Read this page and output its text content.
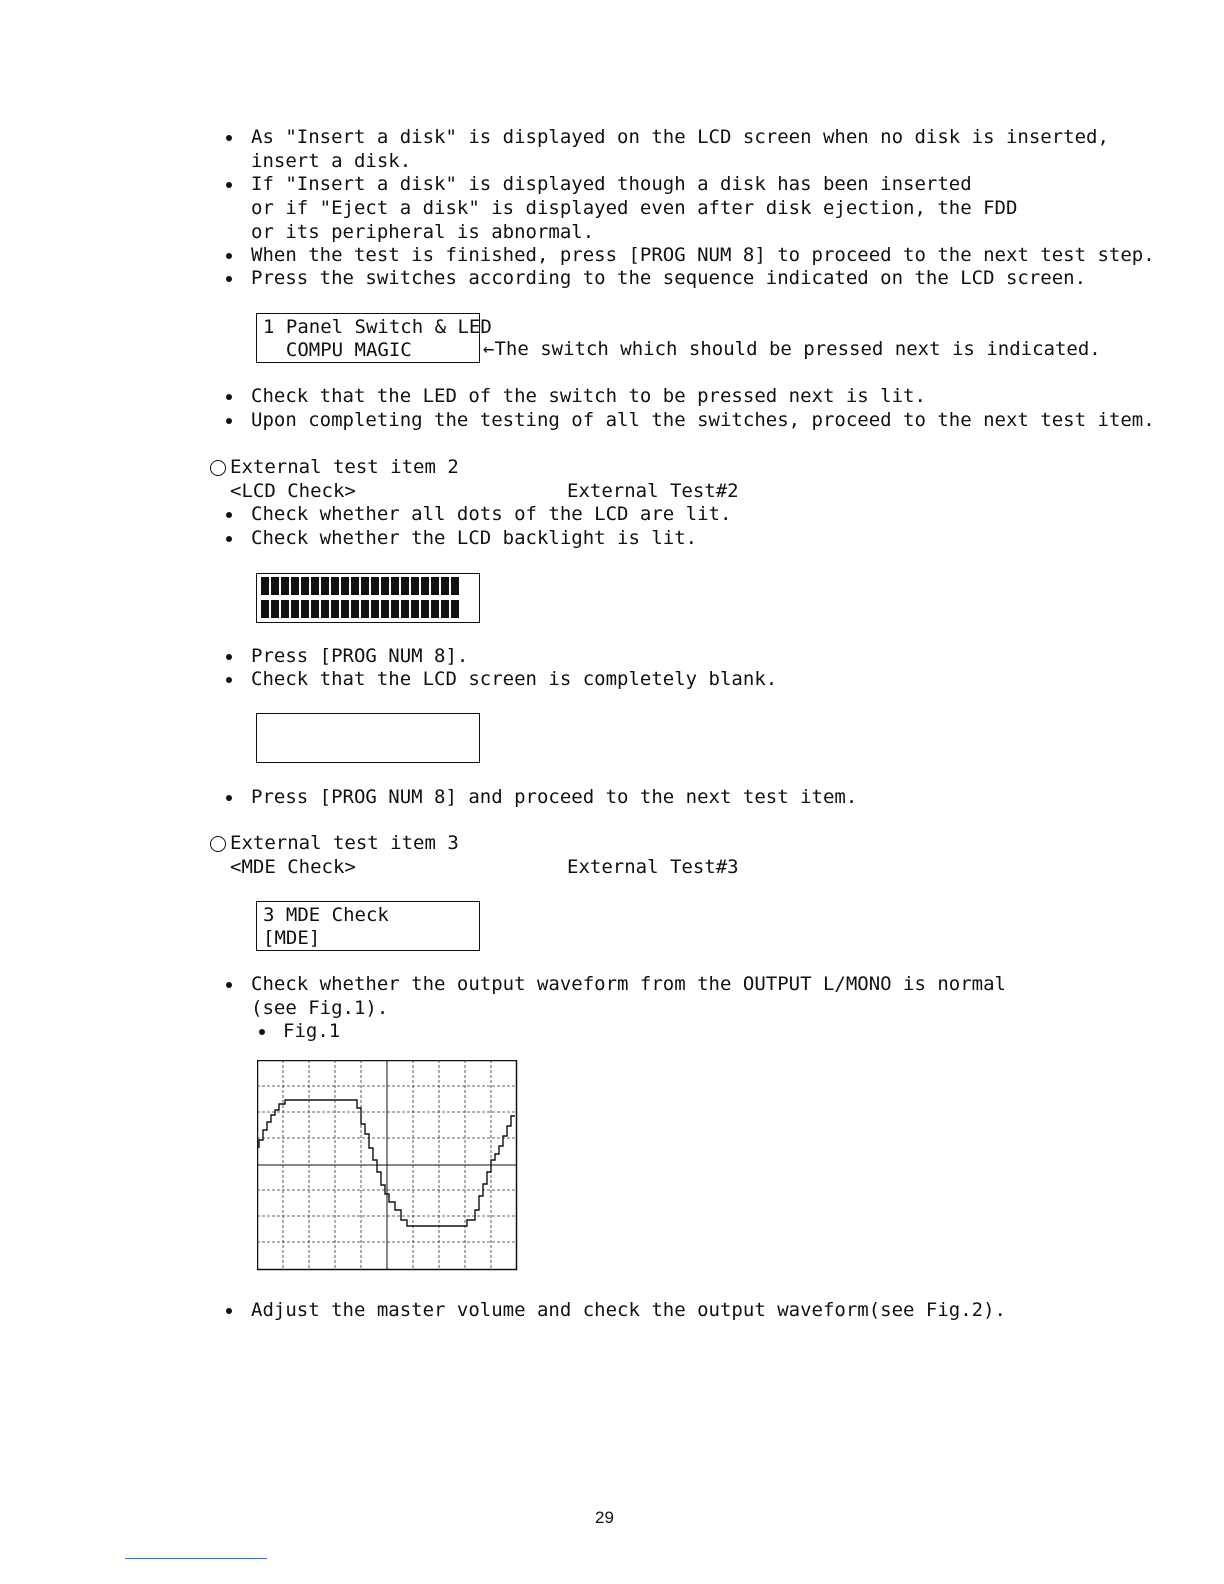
As "Insert a disk" is displayed on the LCD screen when no disk is inserted,
insert a disk.
If "Insert a disk" is displayed though a disk has been inserted
or if "Eject a disk" is displayed even after disk ejection, the FDD
or its peripheral is abnormal.
When the test is finished, press [PROG NUM 8] to proceed to the next test step.
Press the switches according to the sequence indicated on the LCD screen.
1 Panel Switch & LED
COMPU MAGIC	←The switch which should be pressed next is indicated.
Check that the LED of the switch to be pressed next is lit.
Upon completing the testing of all the switches, proceed to the next test item.
External test item 2
<LCD Check>	External Test#2
Check whether all dots of the LCD are lit.
Check whether the LCD backlight is lit.
Press [PROG NUM 8].
Check that the LCD screen is completely blank.
Press [PROG NUM 8] and proceed to the next test item.
External test item 3
<MDE Check>	External Test#3
3 MDE Check
[MDE]
Check whether the output waveform from the OUTPUT L/MONO is normal
(see Fig.1).
Fig.1
Adjust the master volume and check the output waveform(see Fig.2).
29
